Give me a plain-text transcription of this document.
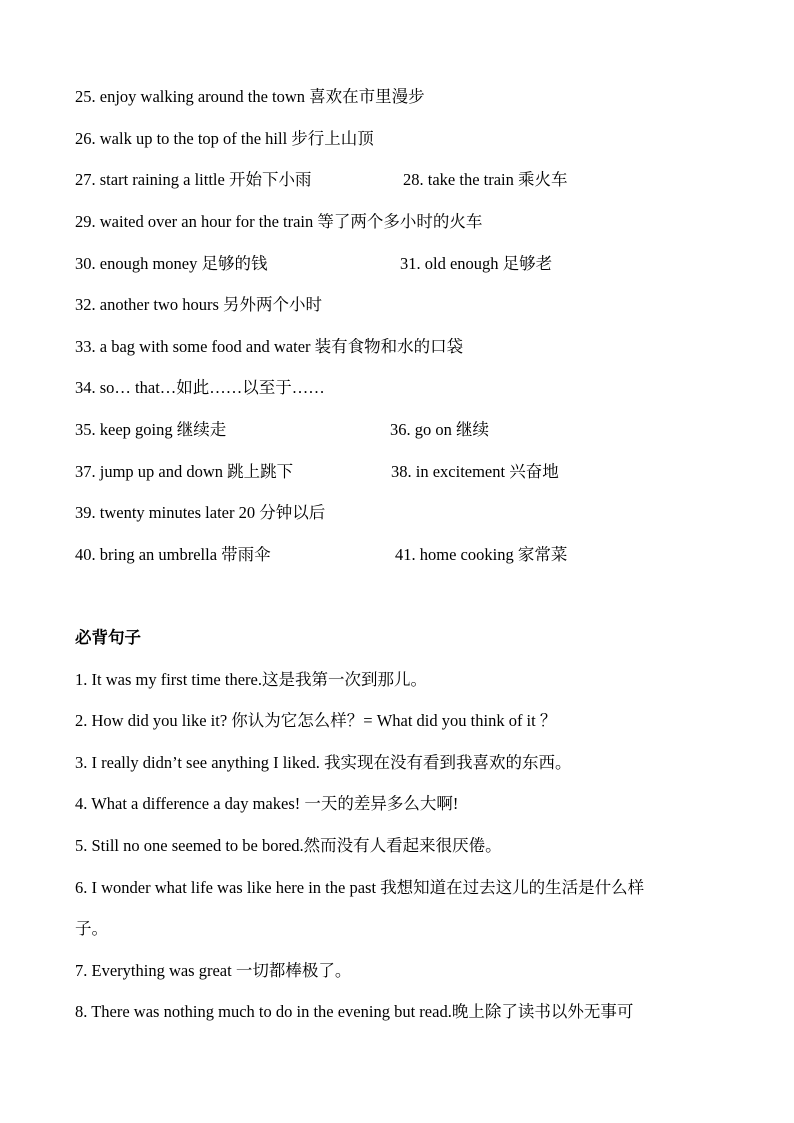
25. enjoy walking around the town 喜欢在市里漫步
26. walk up to the top of the hill 步行上山顶
27. start raining a little 开始下小雨	28. take the train 乘火车
29. waited over an hour for the train 等了两个多小时的火车
30. enough money 足够的钱	31. old enough 足够老
32. another two hours 另外两个小时
33. a bag with some food and water 装有食物和水的口袋
34. so… that…如此……以至于……
35. keep going 继续走	36. go on 继续
37. jump up and down 跳上跳下	38. in excitement 兴奋地
39. twenty minutes later 20 分钟以后
40. bring an umbrella 带雨伞	41. home cooking 家常菜
必背句子
1. It was my first time there.这是我第一次到那儿。
2. How did you like it? 你认为它怎么样？= What did you think of it ？
3. I really didn’t see anything I liked. 我实现在没有看到我喜欢的东西。
4. What a difference a day makes! 一天的差异多么大啊!
5. Still no one seemed to be bored.然而没有人看起来很厌倦。
6. I wonder what life was like here in the past 我想知道在过去这儿的生活是什么样
子。
7. Everything was great 一切都棒极了。
8. There was nothing much to do in the evening but read.晚上除了读书以外无事可
